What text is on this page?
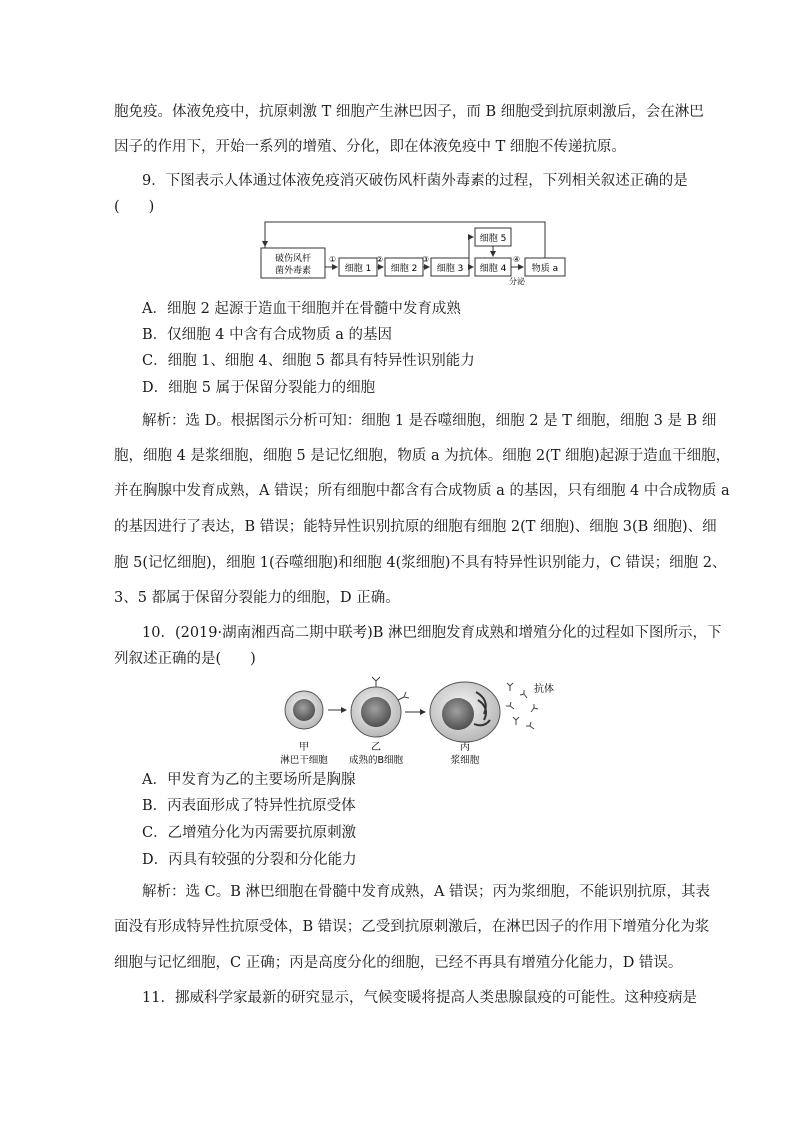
胞免疫。体液免疫中，抗原刺激 T 细胞产生淋巴因子，而 B 细胞受到抗原刺激后，会在淋巴
因子的作用下，开始一系列的增殖、分化，即在体液免疫中 T 细胞不传递抗原。
9．下图表示人体通过体液免疫消灭破伤风杆菌外毒素的过程，下列相关叙述正确的是
(　　)
破伤风杆
菌外毒素	细胞 1 细胞 2 细胞 3
细胞 5
细胞 4	物质 a
①	②	③	④
分泌
A．细胞 2 起源于造血干细胞并在骨髓中发育成熟
B．仅细胞 4 中含有合成物质 a 的基因
C．细胞 1、细胞 4、细胞 5 都具有特异性识别能力
D．细胞 5 属于保留分裂能力的细胞
解析：选 D。根据图示分析可知：细胞 1 是吞噬细胞，细胞 2 是 T 细胞，细胞 3 是 B 细
胞，细胞 4 是浆细胞，细胞 5 是记忆细胞，物质 a 为抗体。细胞 2(T 细胞)起源于造血干细胞，
并在胸腺中发育成熟，A 错误；所有细胞中都含有合成物质 a 的基因，只有细胞 4 中合成物质 a
的基因进行了表达，B 错误；能特异性识别抗原的细胞有细胞 2(T 细胞)、细胞 3(B 细胞)、细
胞 5(记忆细胞)，细胞 1(吞噬细胞)和细胞 4(浆细胞)不具有特异性识别能力，C 错误；细胞 2、
3、5 都属于保留分裂能力的细胞，D 正确。
10．(2019·湖南湘西高二期中联考)B 淋巴细胞发育成熟和增殖分化的过程如下图所示，下
列叙述正确的是(　　)
抗体
甲
淋巴干细胞
乙
成熟的B细胞
丙
浆细胞
A．甲发育为乙的主要场所是胸腺
B．丙表面形成了特异性抗原受体
C．乙增殖分化为丙需要抗原刺激
D．丙具有较强的分裂和分化能力
解析：选 C。B 淋巴细胞在骨髓中发育成熟，A 错误；丙为浆细胞，不能识别抗原，其表
面没有形成特异性抗原受体，B 错误；乙受到抗原刺激后，在淋巴因子的作用下增殖分化为浆
细胞与记忆细胞，C 正确；丙是高度分化的细胞，已经不再具有增殖分化能力，D 错误。
11．挪威科学家最新的研究显示，气候变暖将提高人类患腺鼠疫的可能性。这种疫病是
